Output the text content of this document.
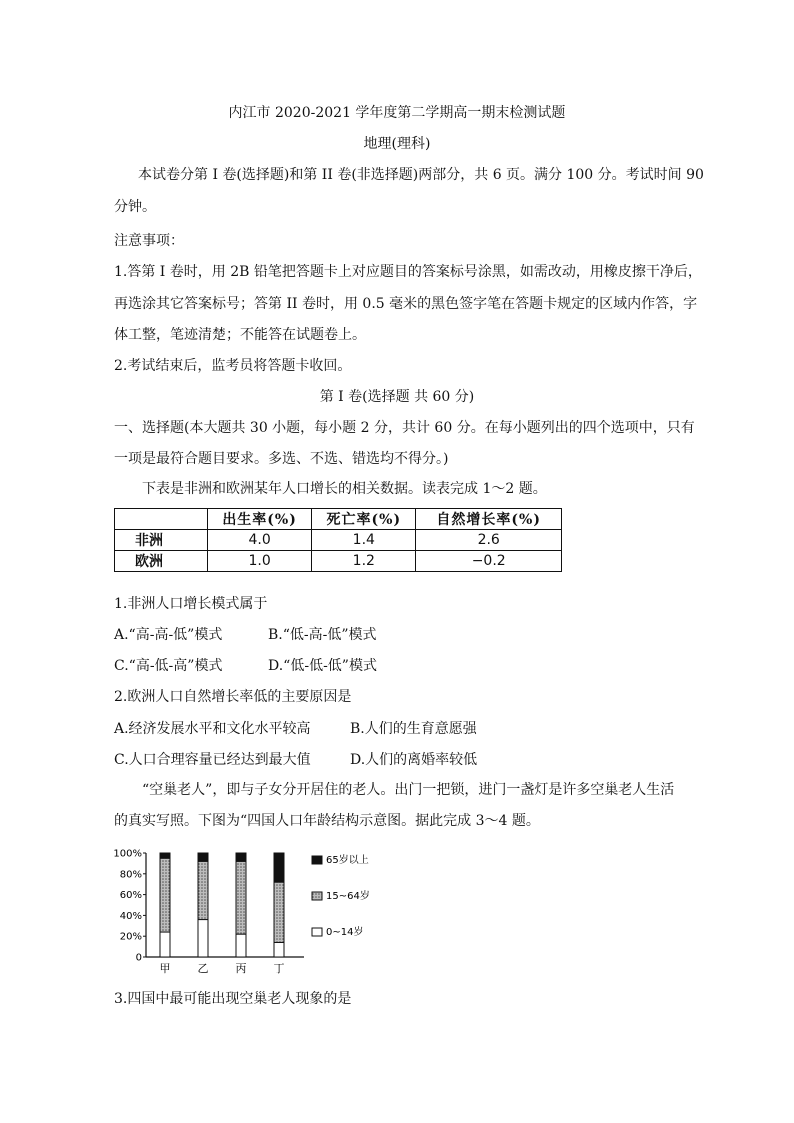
内江市 2020-2021 学年度第二学期高一期末检测试题
地理(理科)
本试卷分第 I 卷(选择题)和第 II 卷(非选择题)两部分，共 6 页。满分 100 分。考试时间 90
分钟。
注意事项：
1.答第 I 卷时，用 2B 铅笔把答题卡上对应题目的答案标号涂黑，如需改动，用橡皮擦干净后，
再选涂其它答案标号；答第 II 卷时，用 0.5 毫米的黑色签字笔在答题卡规定的区域内作答，字
体工整，笔迹清楚；不能答在试题卷上。
2.考试结束后，监考员将答题卡收回。
第 I 卷(选择题 共 60 分)
一、选择题(本大题共 30 小题，每小题 2 分，共计 60 分。在每小题列出的四个选项中，只有
一项是最符合题目要求。多选、不选、错选均不得分。)
下表是非洲和欧洲某年人口增长的相关数据。读表完成 1～2 题。
	出生率(%)	死亡率(%)	自然增长率(%)
非洲	4.0	1.4	2.6
欧洲	1.0	1.2	−0.2
1.非洲人口增长模式属于
A.“高-高-低”模式	B.“低-高-低”模式
C.“高-低-高”模式	D.“低-低-低”模式
2.欧洲人口自然增长率低的主要原因是
A.经济发展水平和文化水平较高	B.人们的生育意愿强
C.人口合理容量已经达到最大值	D.人们的离婚率较低
“空巢老人”，即与子女分开居住的老人。出门一把锁，进门一盏灯是许多空巢老人生活
的真实写照。下图为“四国人口年龄结构示意图。据此完成 3～4 题。
0
20%
40%
60%
80%
100%
甲 乙 丙 丁
65岁以上
15~64岁
0~14岁
3.四国中最可能出现空巢老人现象的是
